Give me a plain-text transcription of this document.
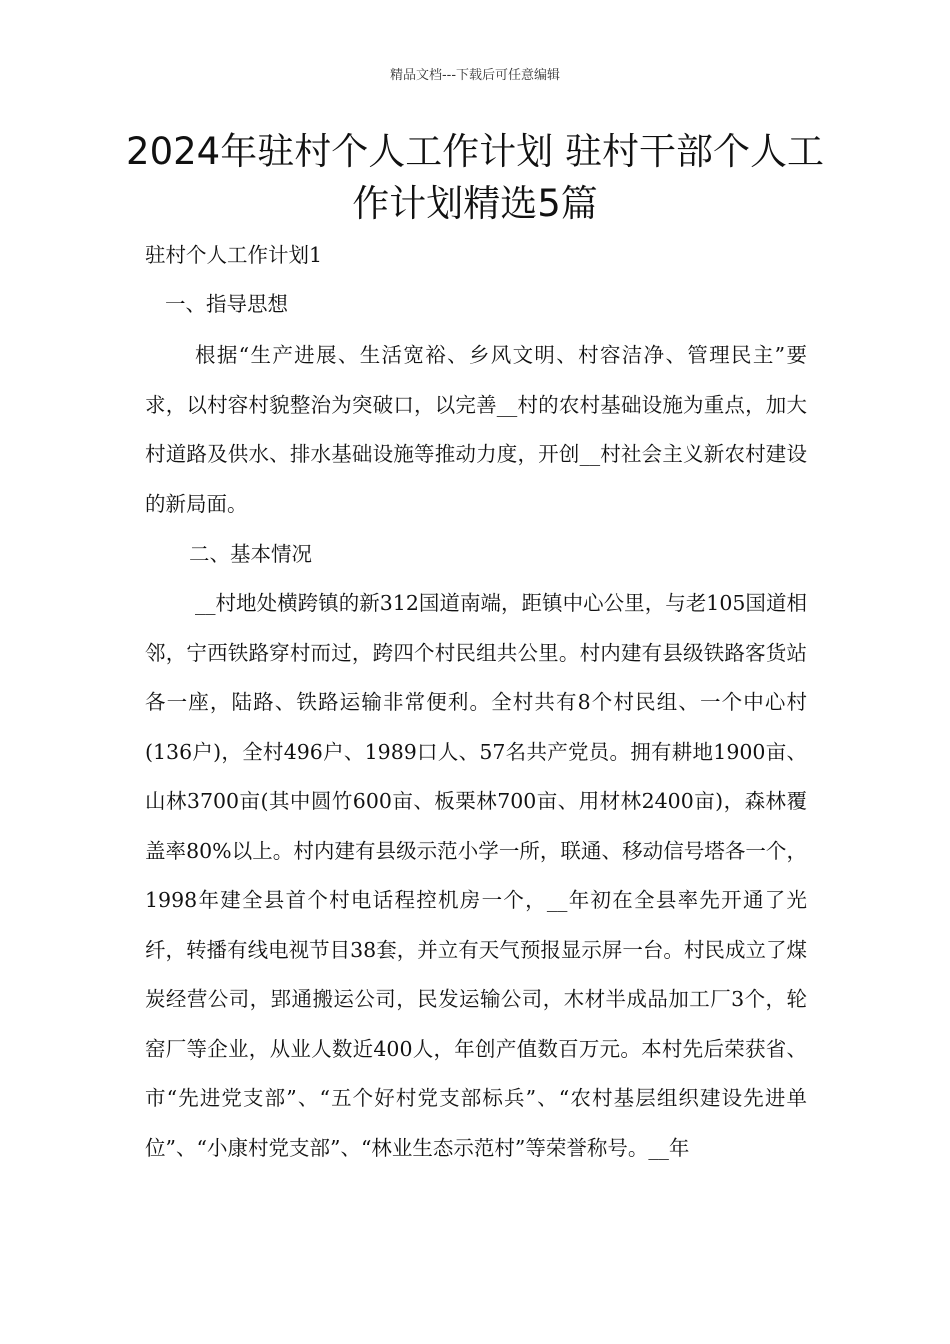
精品文档---下载后可任意编辑
2024年驻村个人工作计划 驻村干部个人工作计划精选5篇

驻村个人工作计划1

一、指导思想

根据“生产进展、生活宽裕、乡风文明、村容洁净、管理民主”要求，以村容村貌整治为突破口，以完善__村的农村基础设施为重点，加大村道路及供水、排水基础设施等推动力度，开创__村社会主义新农村建设的新局面。

二、基本情况

__村地处横跨镇的新312国道南端，距镇中心公里，与老105国道相邻，宁西铁路穿村而过，跨四个村民组共公里。村内建有县级铁路客货站各一座，陆路、铁路运输非常便利。全村共有8个村民组、一个中心村(136户)，全村496户、1989口人、57名共产党员。拥有耕地1900亩、山林3700亩(其中圆竹600亩、板栗林700亩、用材林2400亩)，森林覆盖率80%以上。村内建有县级示范小学一所，联通、移动信号塔各一个，1998年建全县首个村电话程控机房一个，__年初在全县率先开通了光纤，转播有线电视节目38套，并立有天气预报显示屏一台。村民成立了煤炭经营公司，郢通搬运公司，民发运输公司，木材半成品加工厂3个，轮窑厂等企业，从业人数近400人，年创产值数百万元。本村先后荣获省、市“先进党支部”、“五个好村党支部标兵”、“农村基层组织建设先进单位”、“小康村党支部”、“林业生态示范村”等荣誉称号。__年
